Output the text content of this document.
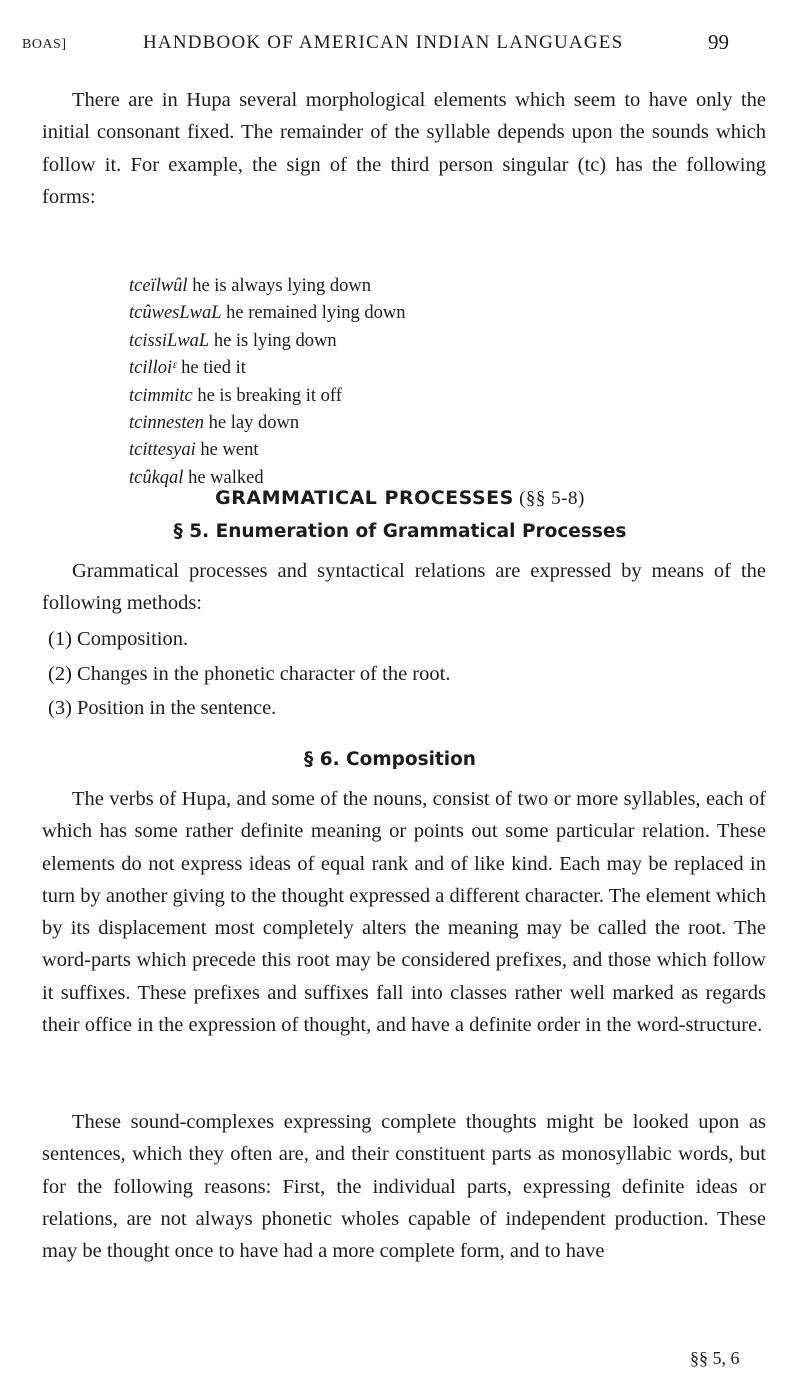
BOAS]	HANDBOOK OF AMERICAN INDIAN LANGUAGES	99

There are in Hupa several morphological elements which seem to have only the initial consonant fixed. The remainder of the syllable depends upon the sounds which follow it. For example, the sign of the third person singular (tc) has the following forms:

tceïlwûl he is always lying down
tcûwesLwaL he remained lying down
tcissiLwaL he is lying down
tcilloiᵋ he tied it
tcimmitc he is breaking it off
tcinnesten he lay down
tcittesyai he went
tcûkqal he walked
GRAMMATICAL PROCESSES (§§ 5-8)
§ 5. Enumeration of Grammatical Processes

Grammatical processes and syntactical relations are expressed by means of the following methods:

(1) Composition.
(2) Changes in the phonetic character of the root.
(3) Position in the sentence.
§ 6. Composition

The verbs of Hupa, and some of the nouns, consist of two or more syllables, each of which has some rather definite meaning or points out some particular relation. These elements do not express ideas of equal rank and of like kind. Each may be replaced in turn by another giving to the thought expressed a different character. The element which by its displacement most completely alters the meaning may be called the root. The word-parts which precede this root may be considered prefixes, and those which follow it suffixes. These prefixes and suffixes fall into classes rather well marked as regards their office in the expression of thought, and have a definite order in the word-structure.

These sound-complexes expressing complete thoughts might be looked upon as sentences, which they often are, and their constituent parts as monosyllabic words, but for the following reasons: First, the individual parts, expressing definite ideas or relations, are not always phonetic wholes capable of independent production. These may be thought once to have had a more complete form, and to have

§§ 5, 6
